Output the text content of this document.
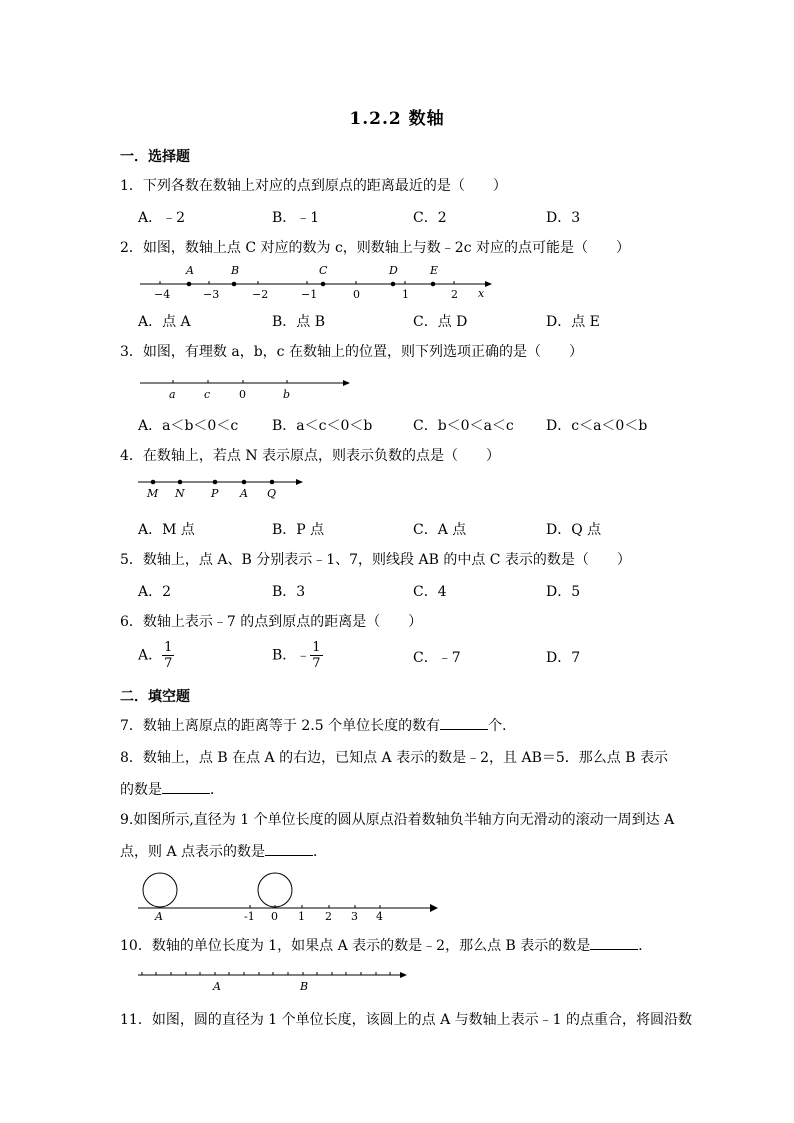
1.2.2 数轴
一．选择题
1．下列各数在数轴上对应的点到原点的距离最近的是（　　）
A．﹣2	B．﹣1	C．2	D．3
2．如图，数轴上点 C 对应的数为 c，则数轴上与数﹣2c 对应的点可能是（　　）
x
−4	−3	−2	−1	0	1	2
A	B	C	D	E
A．点 A	B．点 B	C．点 D	D．点 E
3．如图，有理数 a，b，c 在数轴上的位置，则下列选项正确的是（　　）
a	c	0	b
A．a＜b＜0＜c B．a＜c＜0＜b	C．b＜0＜a＜c D．c＜a＜0＜b
4．在数轴上，若点 N 表示原点，则表示负数的点是（　　）
M N P A Q
A．M 点	B．P 点	C．A 点	D．Q 点
5．数轴上，点 A、B 分别表示﹣1、7，则线段 AB 的中点 C 表示的数是（　　）
A．2	B．3	C．4	D．5
6．数轴上表示﹣7 的点到原点的距离是（　　）
A． $\frac{1}{7}$	B．﹣ $\frac{1}{7}$	C．﹣7	D．7
二．填空题
7．数轴上离原点的距离等于 2.5 个单位长度的数有	个．
8．数轴上，点 B 在点 A 的右边，已知点 A 表示的数是﹣2，且 AB＝5．那么点 B 表示的数是	．
9.如图所示,直径为 1 个单位长度的圆从原点沿着数轴负半轴方向无滑动的滚动一周到达 A 点，则 A 点表示的数是	．
A	-1 0 1 2 3 4
10．数轴的单位长度为 1，如果点 A 表示的数是﹣2，那么点 B 表示的数是	．
A	B
11．如图，圆的直径为 1 个单位长度，该圆上的点 A 与数轴上表示﹣1 的点重合，将圆沿数
